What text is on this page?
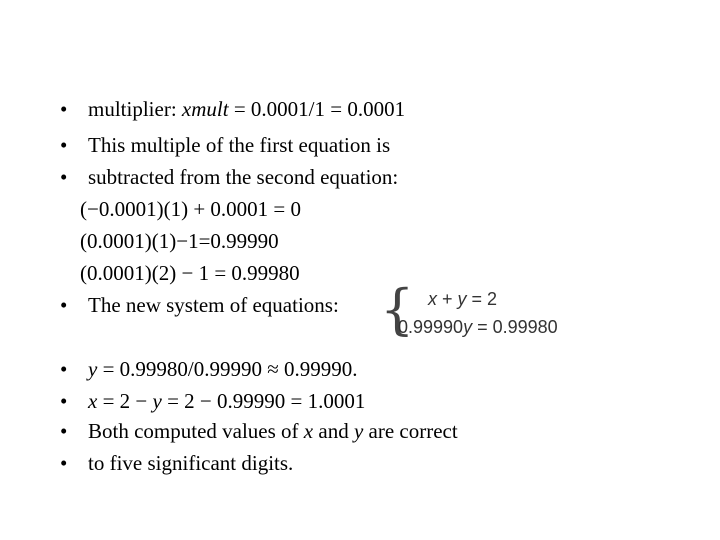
• multiplier: xmult = 0.0001/1 = 0.0001
• This multiple of the first equation is
• subtracted from the second equation:
(−0.0001)(1) + 0.0001 = 0
(0.0001)(1)−1=0.99990
(0.0001)(2) − 1 = 0.99980
• The new system of equations: { x + y = 2
0.99990y = 0.99980
• y = 0.99980/0.99990 ≈ 0.99990.
• x = 2 − y = 2 − 0.99990 = 1.0001
• Both computed values of x and y are correct
• to five significant digits.
